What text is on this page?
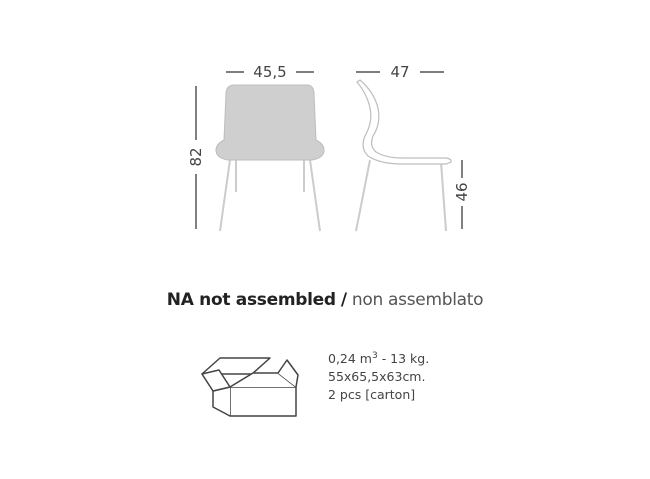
45,5	47
82
46
NA not assembled / non assemblato
0,24 $m^3 - 13$ kg.
55x65,5x63cm.
2 pcs [carton]
